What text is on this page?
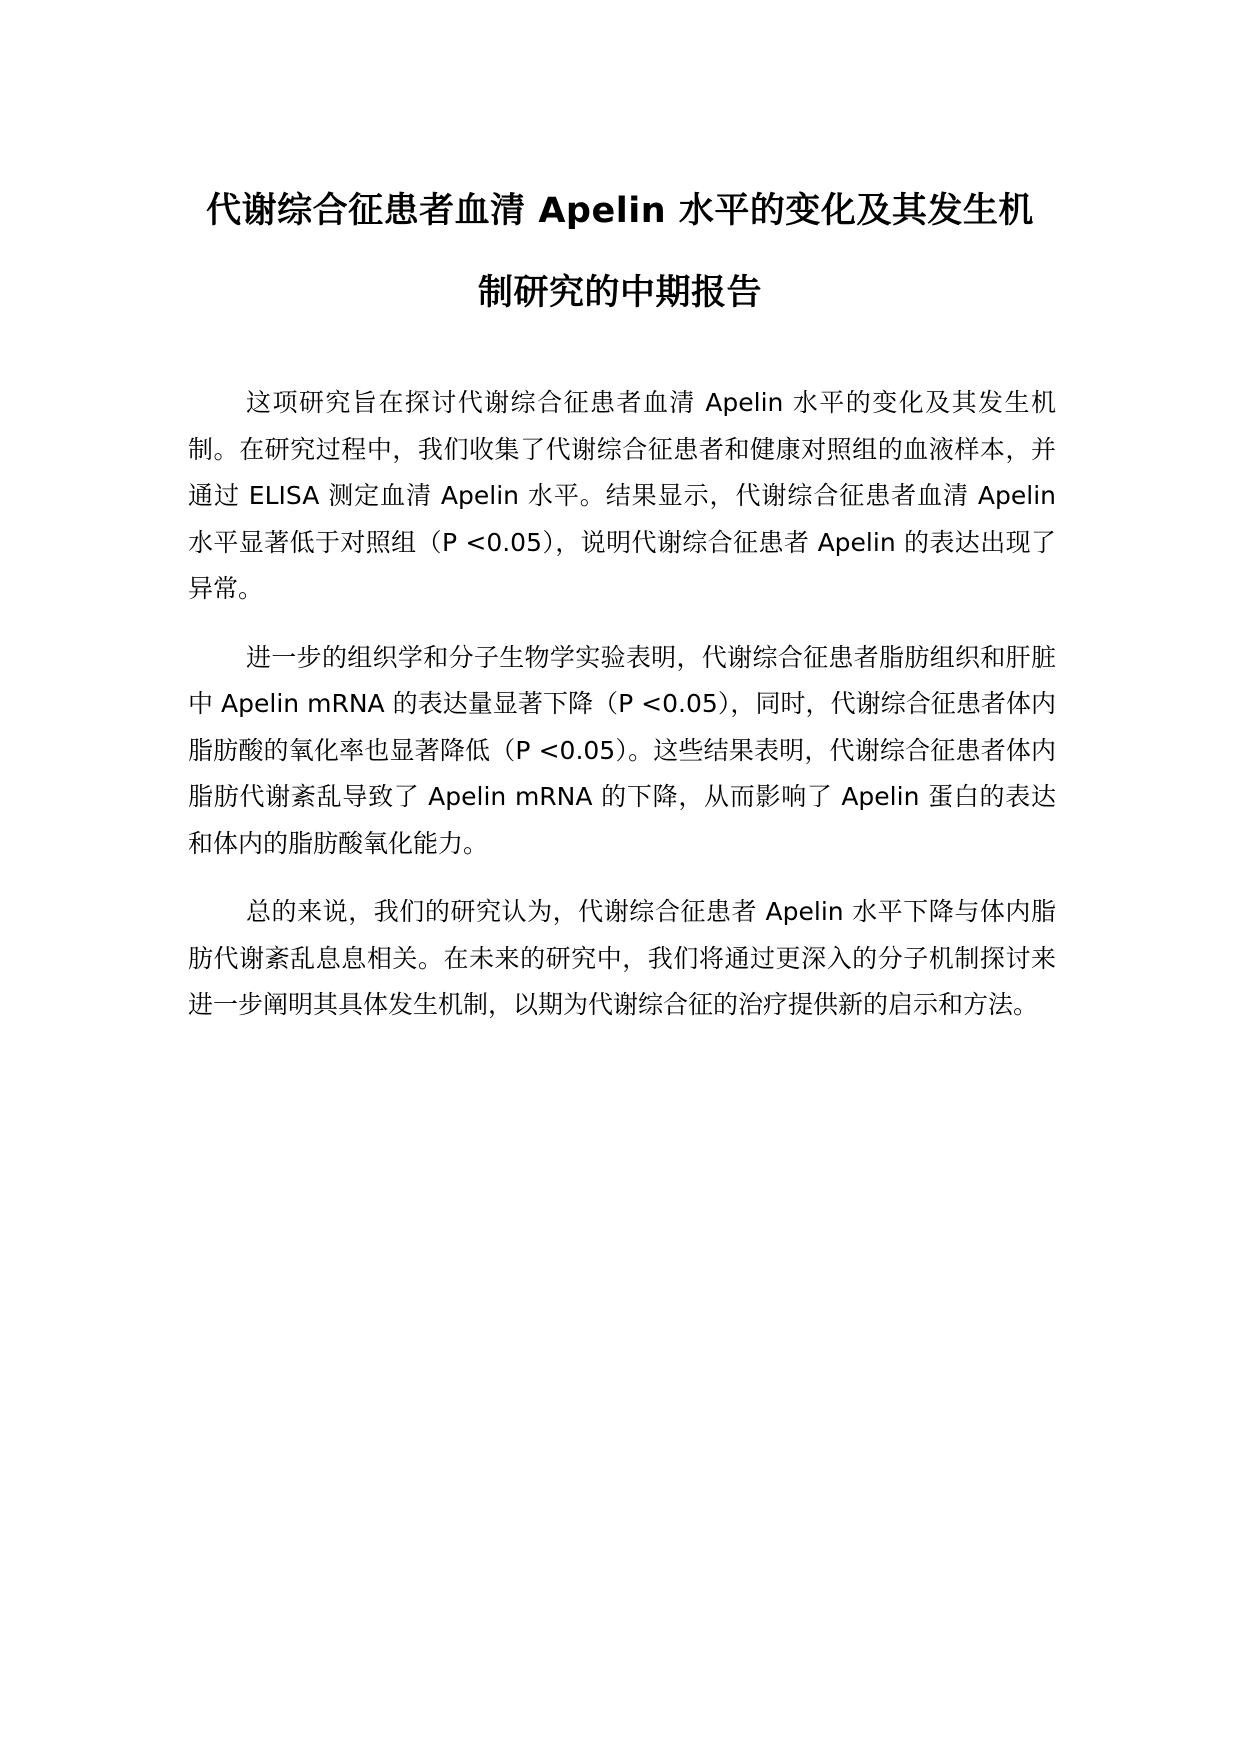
代谢综合征患者血清 Apelin 水平的变化及其发生机
制研究的中期报告

这项研究旨在探讨代谢综合征患者血清 Apelin 水平的变化及其发生机制。在研究过程中，我们收集了代谢综合征患者和健康对照组的血液样本，并通过 ELISA 测定血清 Apelin 水平。结果显示，代谢综合征患者血清 Apelin 水平显著低于对照组（P <0.05），说明代谢综合征患者 Apelin 的表达出现了异常。

进一步的组织学和分子生物学实验表明，代谢综合征患者脂肪组织和肝脏中 Apelin mRNA 的表达量显著下降（P <0.05），同时，代谢综合征患者体内脂肪酸的氧化率也显著降低（P <0.05）。这些结果表明，代谢综合征患者体内脂肪代谢紊乱导致了 Apelin mRNA 的下降，从而影响了 Apelin 蛋白的表达和体内的脂肪酸氧化能力。

总的来说，我们的研究认为，代谢综合征患者 Apelin 水平下降与体内脂肪代谢紊乱息息相关。在未来的研究中，我们将通过更深入的分子机制探讨来进一步阐明其具体发生机制，以期为代谢综合征的治疗提供新的启示和方法。
